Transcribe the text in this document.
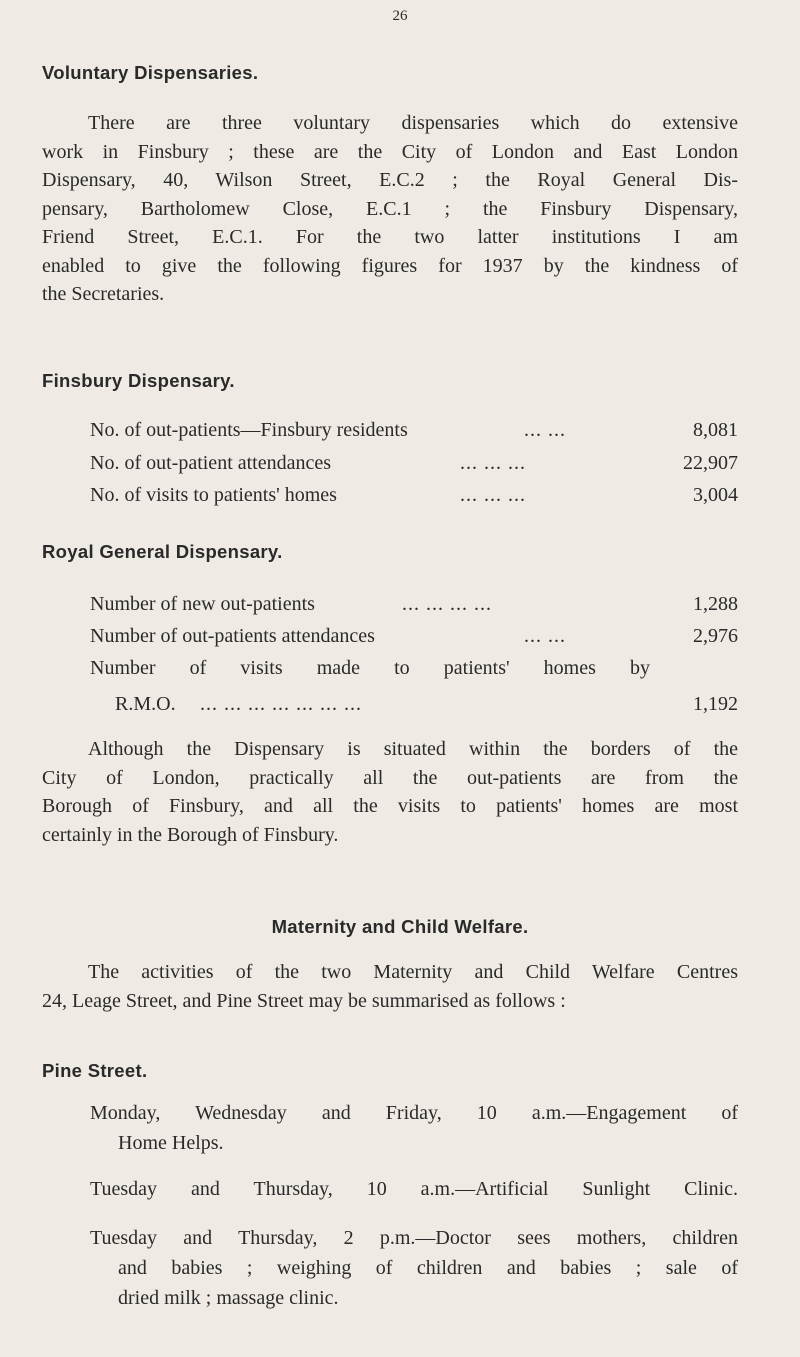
26
Voluntary Dispensaries.
There are three voluntary dispensaries which do extensive
work in Finsbury ; these are the City of London and East London
Dispensary, 40, Wilson Street, E.C.2 ; the Royal General Dis-
pensary, Bartholomew Close, E.C.1 ; the Finsbury Dispensary,
Friend Street, E.C.1. For the two latter institutions I am
enabled to give the following figures for 1937 by the kindness of
the Secretaries.
Finsbury Dispensary.
No. of out-patients—Finsbury residents	... ...	8,081
No. of out-patient attendances	... ... ...	22,907
No. of visits to patients' homes	... ... ...	3,004
Royal General Dispensary.
Number of new out-patients	... ... ... ...	1,288
Number of out-patients attendances	... ...	2,976
Number of visits made to patients' homes by
R.M.O. ... ... ... ... ... ... ...	1,192
Although the Dispensary is situated within the borders of the
City of London, practically all the out-patients are from the
Borough of Finsbury, and all the visits to patients' homes are most
certainly in the Borough of Finsbury.
Maternity and Child Welfare.
The activities of the two Maternity and Child Welfare Centres
24, Leage Street, and Pine Street may be summarised as follows :
Pine Street.
Monday, Wednesday and Friday, 10 a.m.—Engagement of
Home Helps.
Tuesday and Thursday, 10 a.m.—Artificial Sunlight Clinic.
Tuesday and Thursday, 2 p.m.—Doctor sees mothers, children
and babies ; weighing of children and babies ; sale of
dried milk ; massage clinic.
